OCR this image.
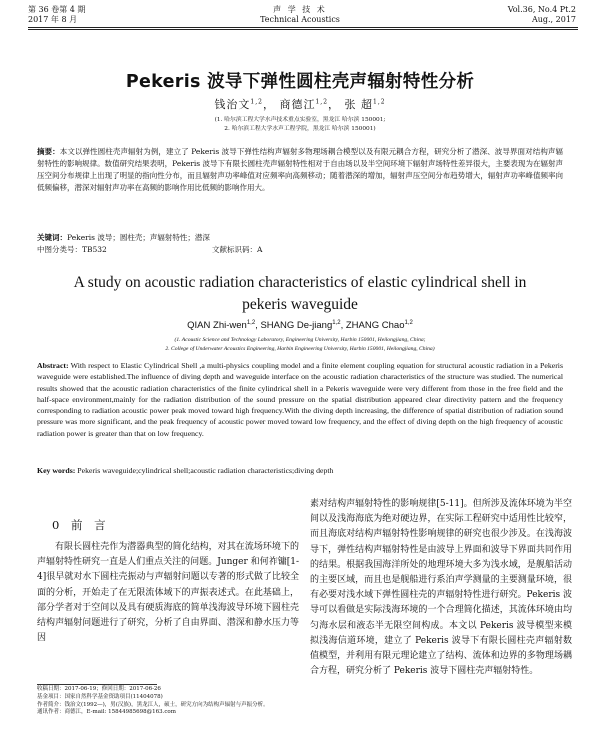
第 36 卷第 4 期
2017 年 8 月
声 学 技 术
Technical Acoustics
Vol.36, No.4 Pt.2
Aug., 2017
Pekeris 波导下弹性圆柱壳声辐射特性分析
钱治文$^{1,2}$， 商德江$^{1,2}$， 张 超$^{1,2}$
(1. 哈尔滨工程大学水声技术重点实验室，黑龙江 哈尔滨 150001;
2. 哈尔滨工程大学水声工程学院，黑龙江 哈尔滨 150001)
摘要：本文以弹性圆柱壳声辐射为例，建立了 Pekeris 波导下弹性结构声辐射多物理场耦合模型以及有限元耦合方程，研究分析了潜深、波导界面对结构声辐射特性的影响规律。数值研究结果表明，Pekeris 波导下有限长圆柱壳声辐射特性相对于自由场以及半空间环境下辐射声场特性差异很大，主要表现为在辐射声压空间分布规律上出现了明显的指向性分布，而且辐射声功率峰值对应频率向高频移动；随着潜深的增加，辐射声压空间分布趋势增大，辐射声功率峰值频率向低频偏移，潜深对辐射声功率在高频的影响作用比低频的影响作用大。
关键词：Pekeris 波导；圆柱壳；声辐射特性；潜深
中图分类号：TB532	文献标识码：A
A study on acoustic radiation characteristics of elastic cylindrical shell in pekeris waveguide
QIAN Zhi-wen$^{1,2}$, SHANG De-jiang$^{1,2}$, ZHANG Chao$^{1,2}$
(1. Acoustic Science and Technology Laboratory, Engineering University, Harbin 150001, Heilongjiang, China;
2. College of Underwater Acoustics Engineering, Harbin Engineering University, Harbin 150001, Heilongjiang, China)
Abstract: With respect to Elastic Cylindrical Shell ,a multi-physics coupling model and a finite element coupling equation for structural acoustic radiation in a Pekeris waveguide were established.The influence of diving depth and waveguide interface on the acoustic radiation characteristics of the structure was studied. The numerical results showed that the acoustic radiation characteristics of the finite cylindrical shell in a Pekeris waveguide were very different from those in the free field and the half-space environment,mainly for the radiation distribution of the sound pressure on the spatial distribution appeared clear directivity pattern and the frequency corresponding to radiation acoustic power peak moved toward high frequency.With the diving depth increasing, the difference of spatial distribution of radiation sound pressure was more significant, and the peak frequency of acoustic power moved toward low frequency, and the effect of diving depth on the high frequency of acoustic radiation power is greater than that on low frequency.
Key words: Pekeris waveguide;cylindrical shell;acoustic radiation characteristics;diving depth
0 前 言
有限长圆柱壳作为潜器典型的简化结构，对其在流场环境下的声辐射特性研究一直是人们重点关注的问题。Junger 和何祚镛[1-4]很早就对水下圆柱壳振动与声辐射问题以专著的形式做了比较全面的分析，开始走了在无限流体域下的声振表述式。在此基础上，部分学者对于空间以及具有硬质海底的简单浅海波导环境下圆柱壳结构声辐射问题进行了研究，分析了自由界面、潜深和静水压力等因
素对结构声辐射特性的影响规律[5-11]。但所涉及流体环境为半空间以及浅海海底为绝对硬边界，在实际工程研究中适用性比较窄，而且海底对结构声辐射特性影响规律的研究也很少涉及。在浅海波导下，弹性结构声辐射特性是由波导上界面和波导下界面共同作用的结果。根据我国海洋所处的地理环境大多为浅水域，是舰船活动的主要区域，而且也是舰船进行系泊声学测量的主要测量环境，很有必要对浅水域下弹性圆柱壳的声辐射特性进行研究。Pekeris 波导可以看做是实际浅海环境的一个合理简化描述，其流体环境由均匀海水层和液态半无限空间构成。本文以 Pekeris 波导模型来模拟浅海信道环境，建立了 Pekeris 波导下有限长圆柱壳声辐射数值模型，并利用有限元理论建立了结构、流体和边界的多物理场耦合方程，研究分析了 Pekeris 波导下圆柱壳声辐射特性。
收稿日期：2017-06-19；修回日期：2017-06-26
基金项目：国家自然科学基金资助项目(11404078)
作者简介：钱治文(1992—)，男(汉族)，黑龙江人，硕士，研究方向为结构声辐射与声振分析。
通讯作者：商德江，E-mail: 15844985698@163.com
